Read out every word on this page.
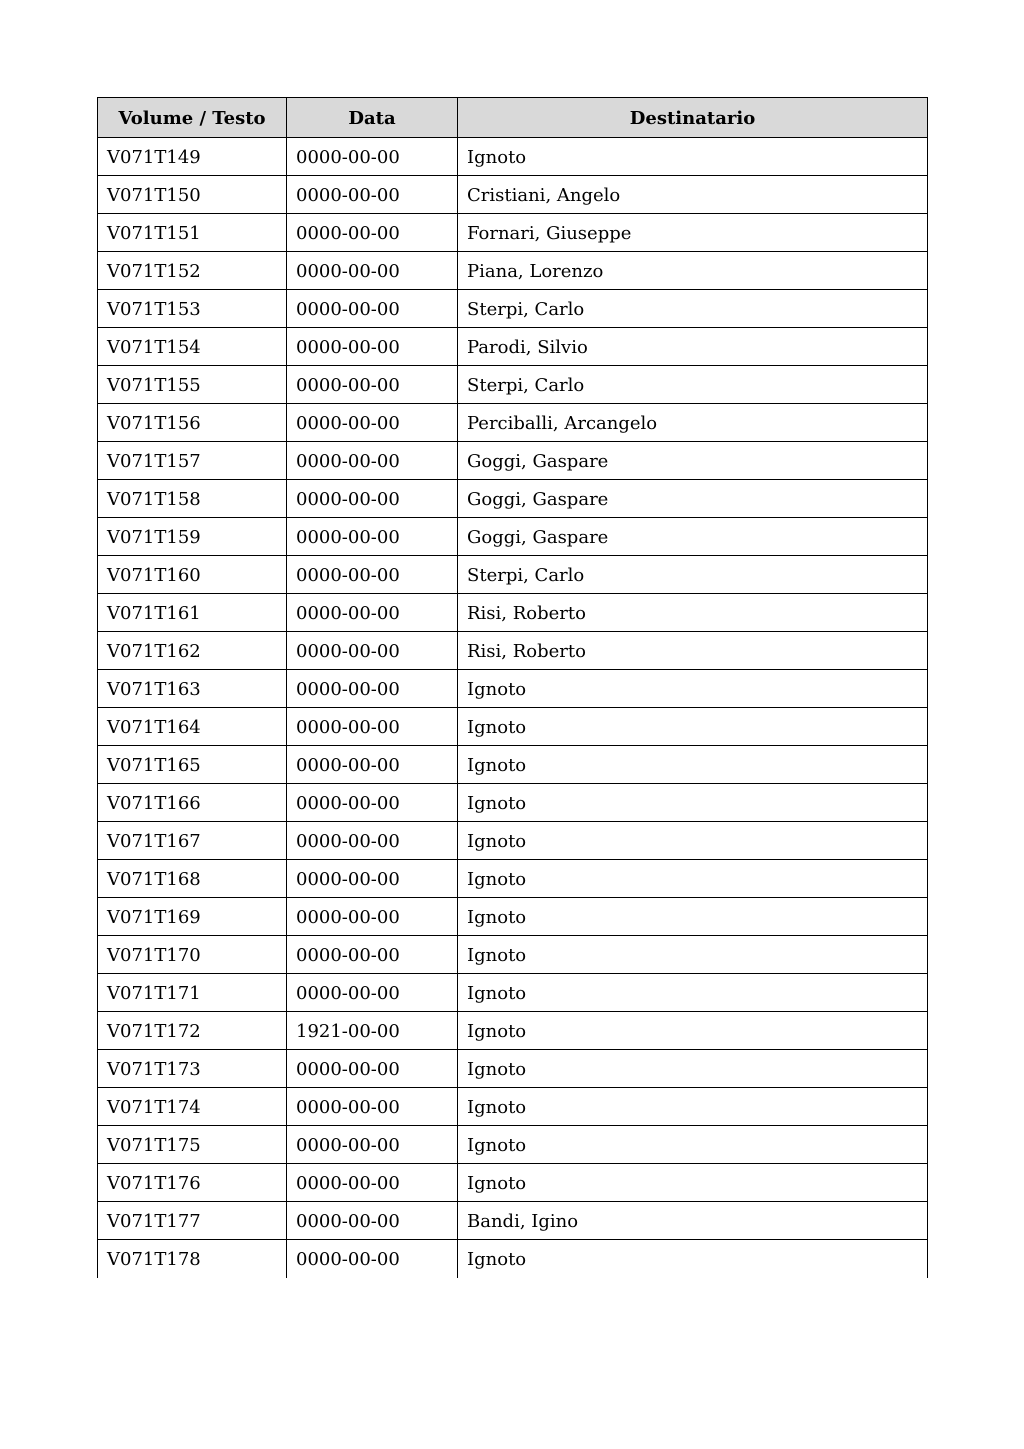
Volume / Testo	Data	Destinatario
V071T149	0000-00-00	Ignoto
V071T150	0000-00-00	Cristiani, Angelo
V071T151	0000-00-00	Fornari, Giuseppe
V071T152	0000-00-00	Piana, Lorenzo
V071T153	0000-00-00	Sterpi, Carlo
V071T154	0000-00-00	Parodi, Silvio
V071T155	0000-00-00	Sterpi, Carlo
V071T156	0000-00-00	Perciballi, Arcangelo
V071T157	0000-00-00	Goggi, Gaspare
V071T158	0000-00-00	Goggi, Gaspare
V071T159	0000-00-00	Goggi, Gaspare
V071T160	0000-00-00	Sterpi, Carlo
V071T161	0000-00-00	Risi, Roberto
V071T162	0000-00-00	Risi, Roberto
V071T163	0000-00-00	Ignoto
V071T164	0000-00-00	Ignoto
V071T165	0000-00-00	Ignoto
V071T166	0000-00-00	Ignoto
V071T167	0000-00-00	Ignoto
V071T168	0000-00-00	Ignoto
V071T169	0000-00-00	Ignoto
V071T170	0000-00-00	Ignoto
V071T171	0000-00-00	Ignoto
V071T172	1921-00-00	Ignoto
V071T173	0000-00-00	Ignoto
V071T174	0000-00-00	Ignoto
V071T175	0000-00-00	Ignoto
V071T176	0000-00-00	Ignoto
V071T177	0000-00-00	Bandi, Igino
V071T178	0000-00-00	Ignoto
